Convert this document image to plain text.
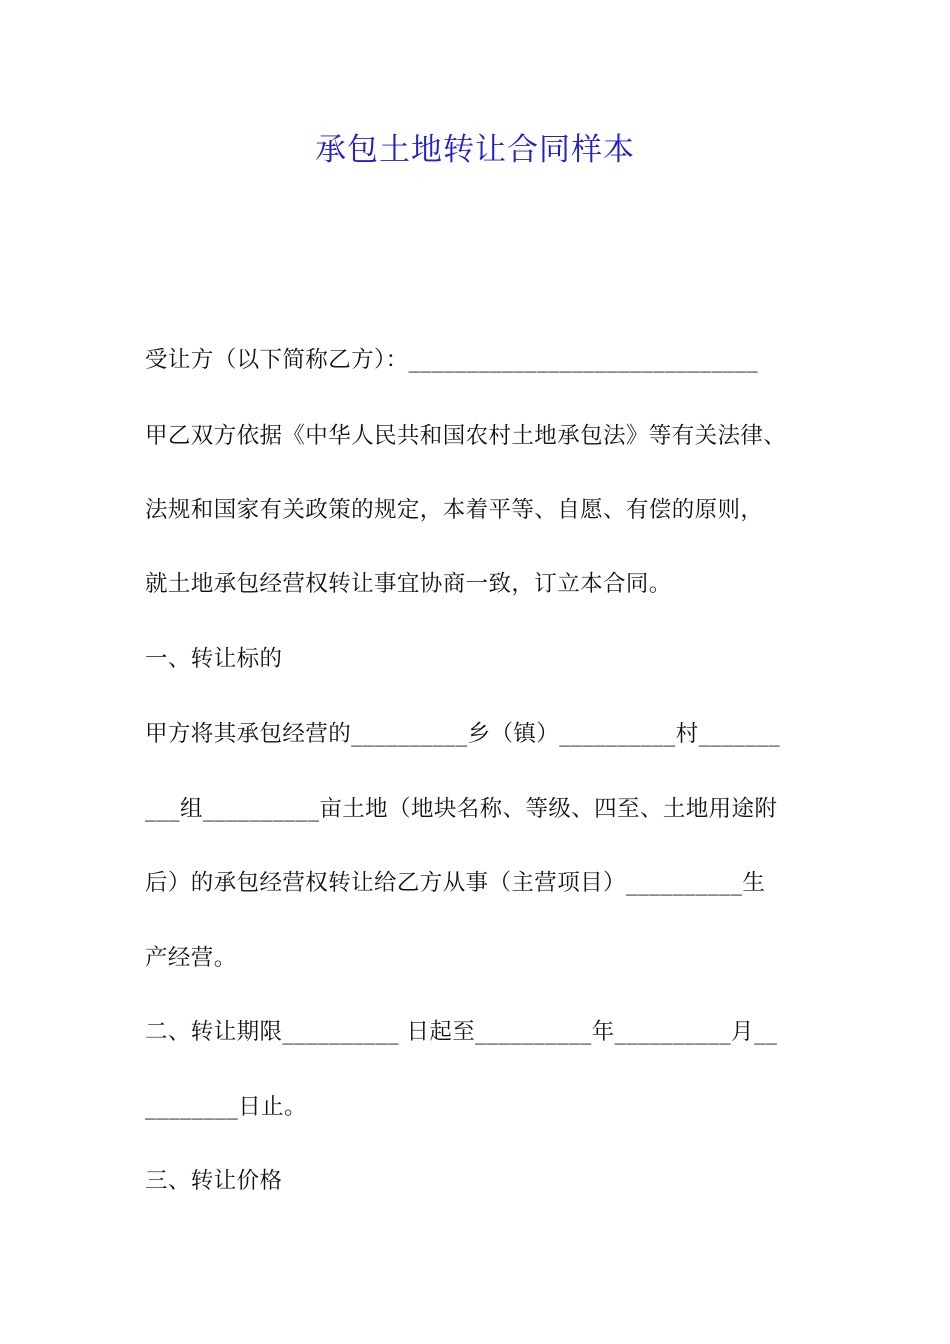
承包土地转让合同样本

受让方（以下简称乙方）：______________________________

甲乙双方依据《中华人民共和国农村土地承包法》等有关法律、

法规和国家有关政策的规定，本着平等、自愿、有偿的原则，

就土地承包经营权转让事宜协商一致，订立本合同。

一、转让标的

甲方将其承包经营的__________乡（镇）__________村_______

___组__________亩土地（地块名称、等级、四至、土地用途附

后）的承包经营权转让给乙方从事（主营项目）__________生

产经营。

二、转让期限__________ 日起至__________年__________月__

________日止。

三、转让价格
